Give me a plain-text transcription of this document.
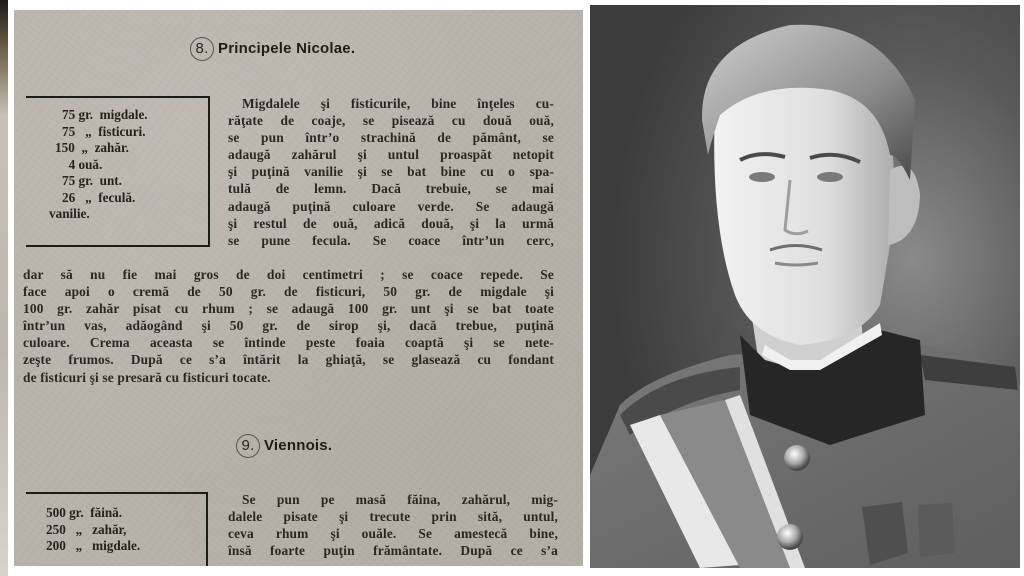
8. Principele Nicolae.
75 gr.  migdale.
75   „  fisticuri.
150  „  zahăr.
4 ouă.
75 gr.  unt.
26   „  feculă.
vanilie.
Migdalele şi fisticurile, bine înţeles cu-
răţate de coaje, se pisează cu două ouă,
se pun într’o strachină de pământ, se
adaugă zahărul şi untul proaspăt netopit
şi puţină vanilie şi se bat bine cu o spa-
tulă de lemn. Dacă trebuie, se mai
adaugă puţină culoare verde. Se adaugă
şi restul de ouă, adică două, şi la urmă
se pune fecula. Se coace într’un cerc,
dar să nu fie mai gros de doi centimetri ; se coace repede. Se
face apoi o cremă de 50 gr. de fisticuri, 50 gr. de migdale şi
100 gr. zahăr pisat cu rhum ; se adaugă 100 gr. unt şi se bat toate
într’un vas, adăogând şi 50 gr. de sirop şi, dacă trebue, puţină
culoare. Crema aceasta se întinde peste foaia coaptă şi se nete-
zeşte frumos. După ce s’a întărit la ghiaţă, se glasează cu fondant
de fisticuri şi se presară cu fisticuri tocate.
9. Viennois.
500 gr.  făină.
250   „   zahăr,
200   „   migdale.
Se pun pe masă făina, zahărul, mig-
dalele pisate şi trecute prin sită, untul,
ceva rhum şi ouăle. Se amestecă bine,
însă foarte puţin frământate. După ce s’a
